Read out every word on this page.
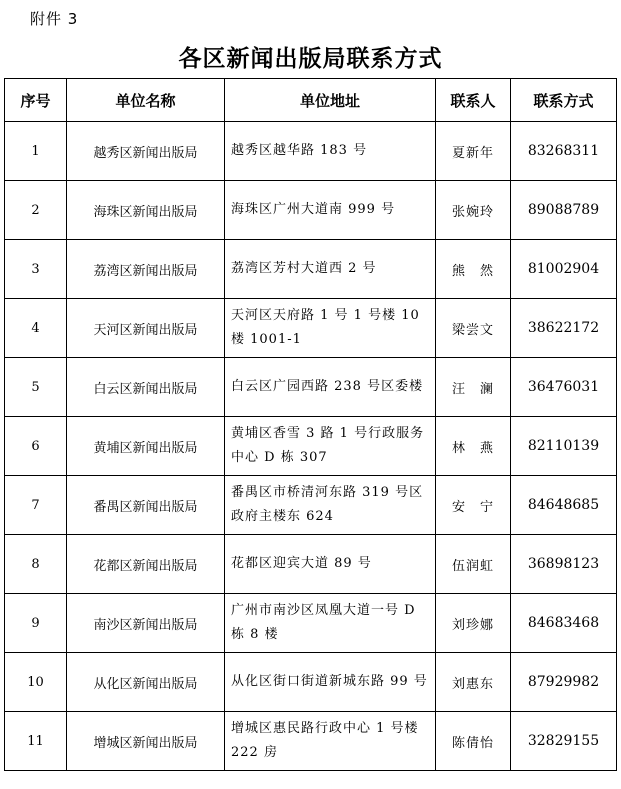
附件 3
各区新闻出版局联系方式
序号	单位名称	单位地址	联系人	联系方式
1	越秀区新闻出版局	越秀区越华路 183 号	夏新年	83268311
2	海珠区新闻出版局	海珠区广州大道南 999 号	张婉玲	89088789
3	荔湾区新闻出版局	荔湾区芳村大道西 2 号	熊　然	81002904
4	天河区新闻出版局	天河区天府路 1 号 1 号楼 10 楼 1001-1	梁尝文	38622172
5	白云区新闻出版局	白云区广园西路 238 号区委楼	汪　澜	36476031
6	黄埔区新闻出版局	黄埔区香雪 3 路 1 号行政服务中心 D 栋 307	林　燕	82110139
7	番禺区新闻出版局	番禺区市桥清河东路 319 号区政府主楼东 624	安　宁	84648685
8	花都区新闻出版局	花都区迎宾大道 89 号	伍润虹	36898123
9	南沙区新闻出版局	广州市南沙区凤凰大道一号 D 栋 8 楼	刘珍娜	84683468
10	从化区新闻出版局	从化区街口街道新城东路 99 号	刘惠东	87929982
11	增城区新闻出版局	增城区惠民路行政中心 1 号楼 222 房	陈倩怡	32829155
